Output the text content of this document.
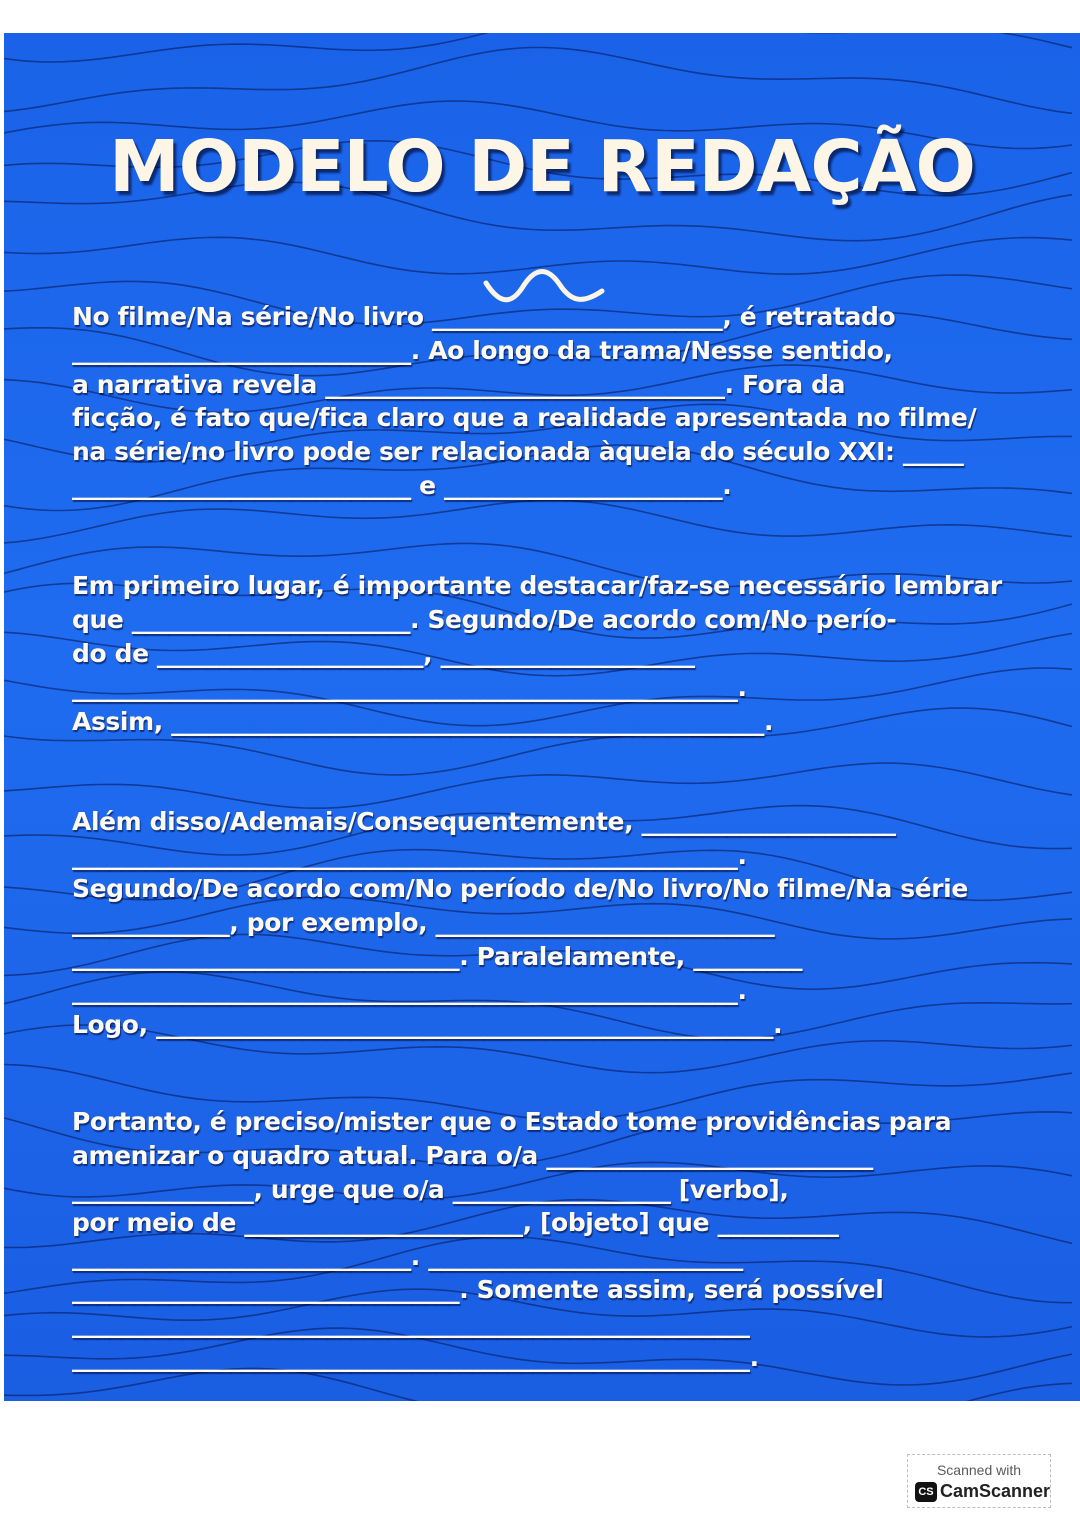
MODELO DE REDAÇÃO
No filme/Na série/No livro ________________________, é retratado
____________________________. Ao longo da trama/Nesse sentido,
a narrativa revela _________________________________. Fora da
ficção, é fato que/fica claro que a realidade apresentada no filme/
na série/no livro pode ser relacionada àquela do século XXI: _____
____________________________ e _______________________.
Em primeiro lugar, é importante destacar/faz-se necessário lembrar
que _______________________. Segundo/De acordo com/No perío-
do de ______________________, _____________________
_______________________________________________________.
Assim, _________________________________________________.
Além disso/Ademais/Consequentemente, _____________________
_______________________________________________________.
Segundo/De acordo com/No período de/No livro/No filme/Na série
_____________, por exemplo, ____________________________
________________________________. Paralelamente, _________
_______________________________________________________.
Logo, ___________________________________________________.
Portanto, é preciso/mister que o Estado tome providências para
amenizar o quadro atual. Para o/a ___________________________
_______________, urge que o/a __________________ [verbo],
por meio de _______________________, [objeto] que __________
____________________________. __________________________
________________________________. Somente assim, será possível
________________________________________________________
________________________________________________________.
Scanned with
CS CamScanner
